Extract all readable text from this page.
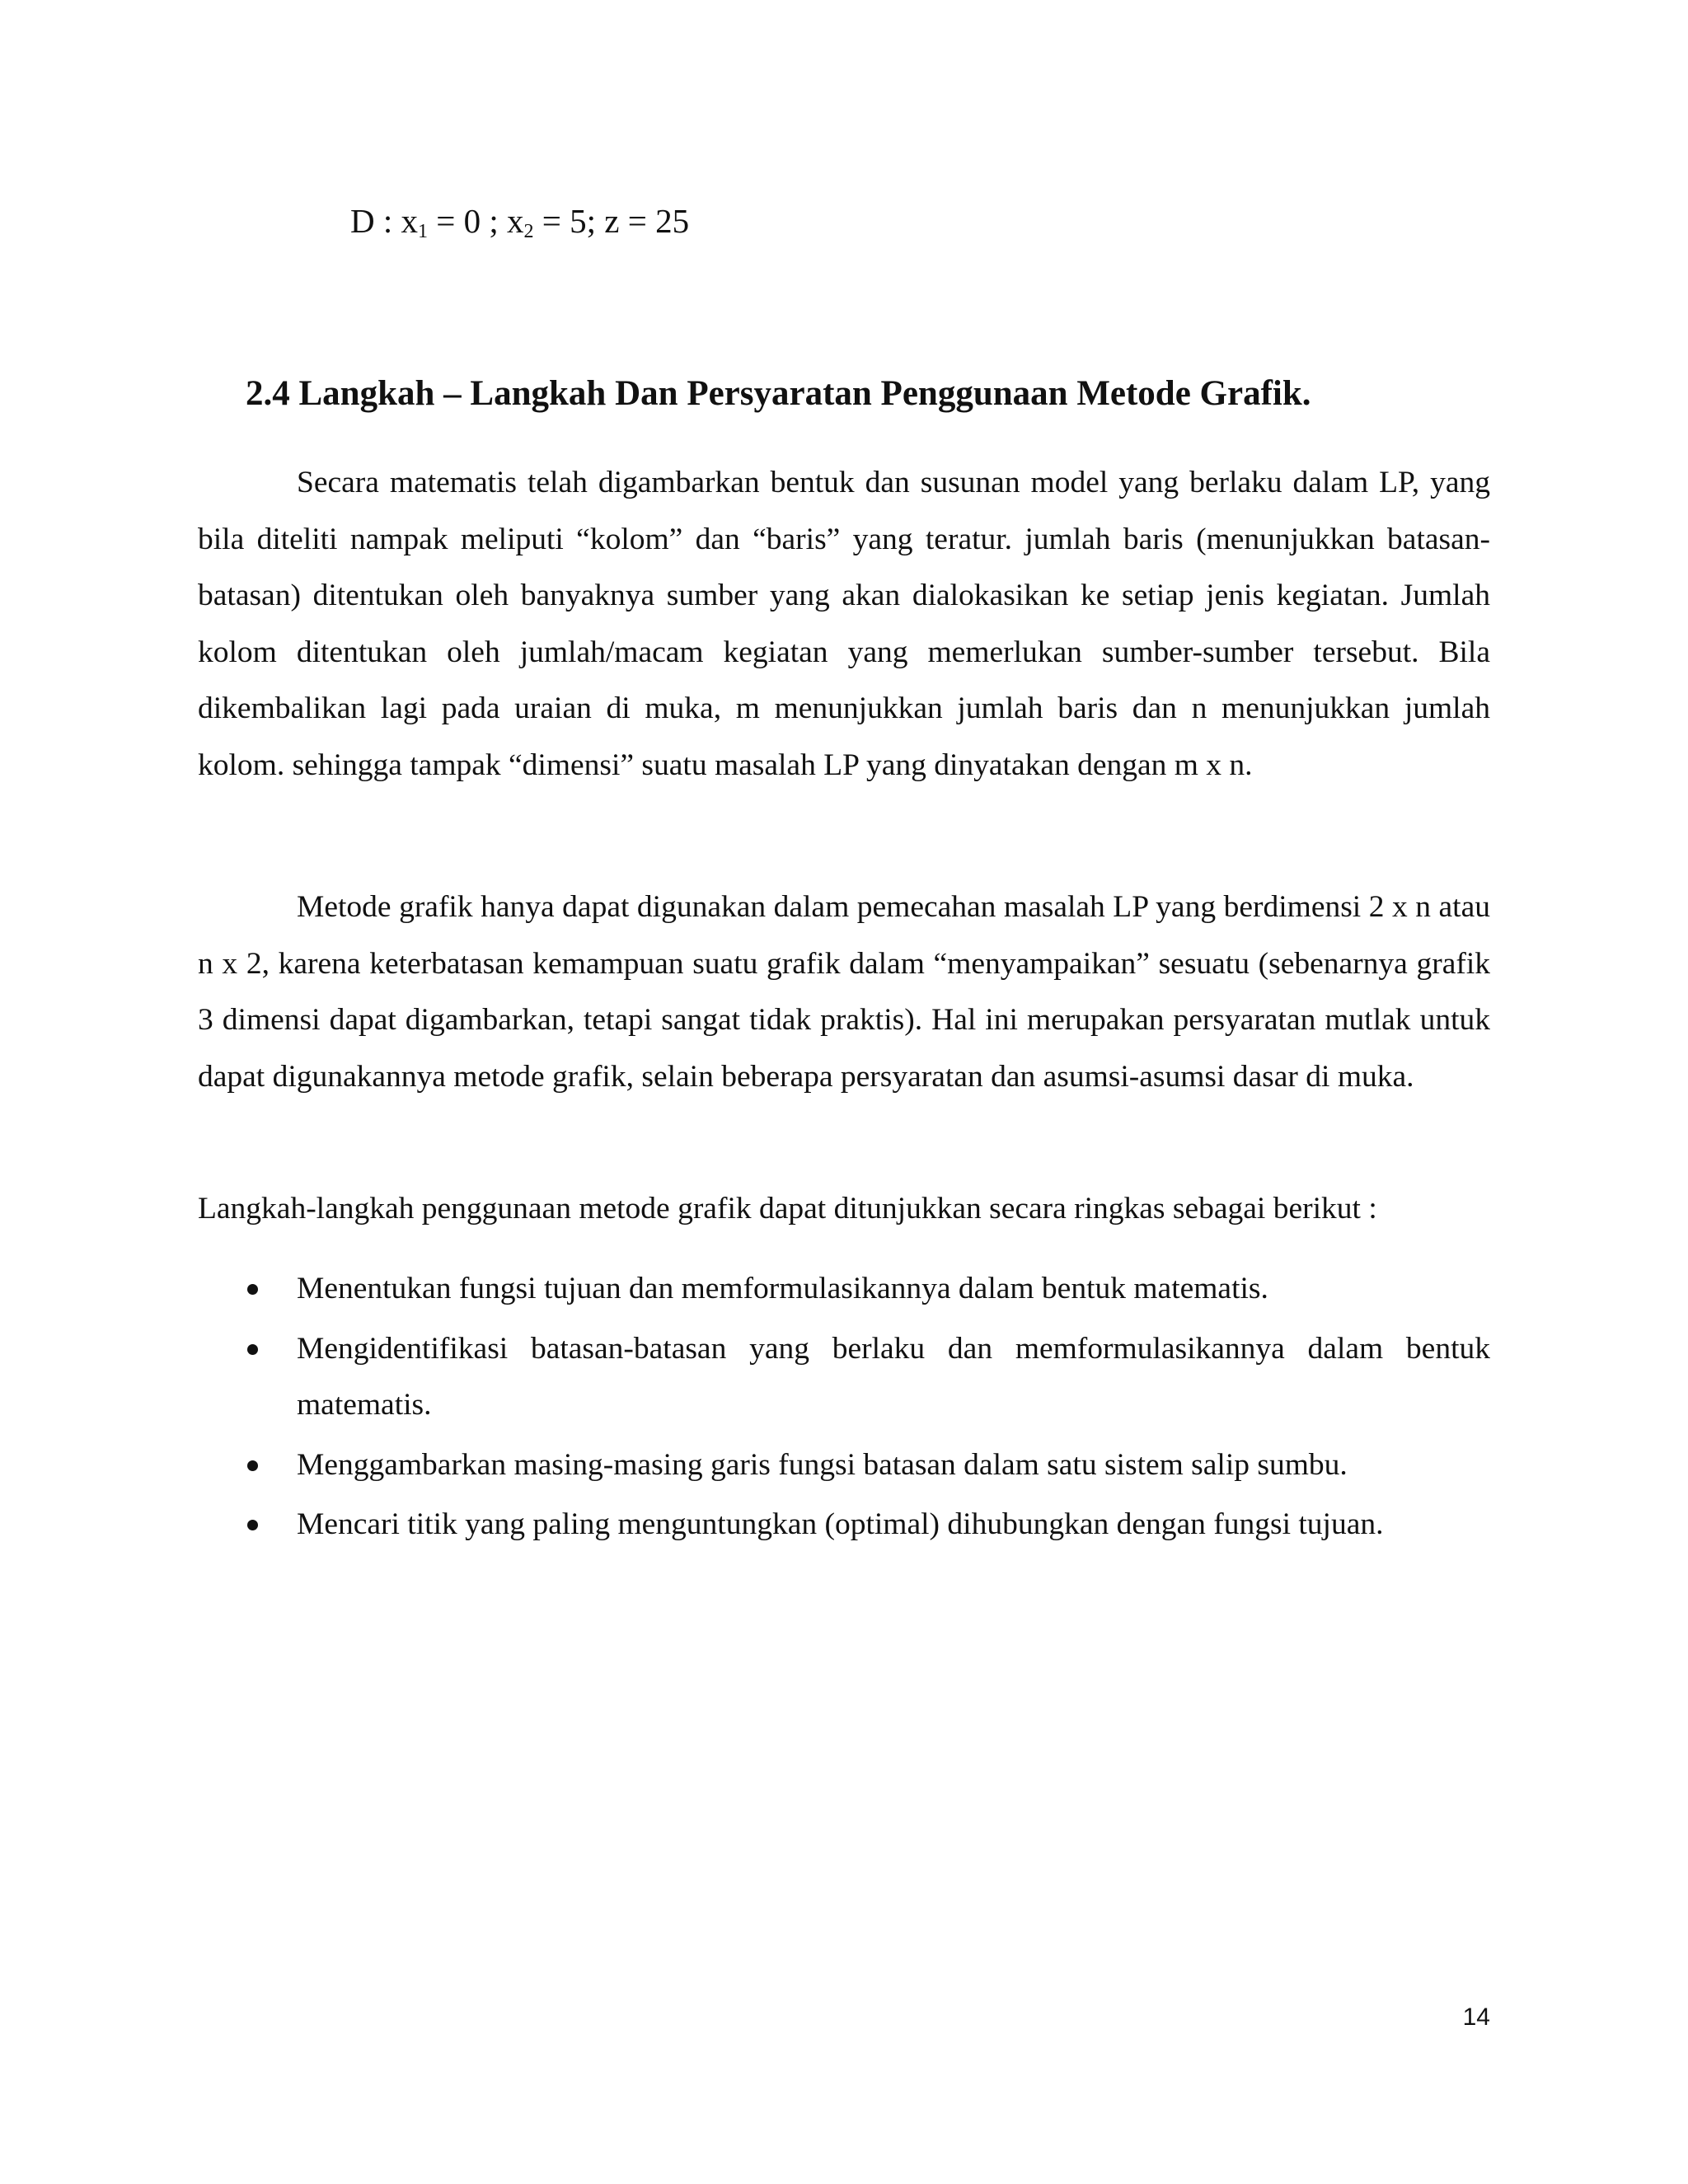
D : $x_1 = 0$ ; $x_2 = 5$; z = 25
2.4 Langkah – Langkah Dan Persyaratan Penggunaan Metode Grafik.

Secara matematis telah digambarkan bentuk dan susunan model yang berlaku dalam LP, yang bila diteliti nampak meliputi “kolom” dan “baris” yang teratur. jumlah baris (menunjukkan batasan-batasan) ditentukan oleh banyaknya sumber yang akan dialokasikan ke setiap jenis kegiatan. Jumlah kolom ditentukan oleh jumlah/macam kegiatan yang memerlukan sumber-sumber tersebut. Bila dikembalikan lagi pada uraian di muka, m menunjukkan jumlah baris dan n menunjukkan jumlah kolom. sehingga tampak “dimensi” suatu masalah LP yang dinyatakan dengan m x n.

Metode grafik hanya dapat digunakan dalam pemecahan masalah LP yang berdimensi 2 x n atau n x 2, karena keterbatasan kemampuan suatu grafik dalam “menyampaikan” sesuatu (sebenarnya grafik 3 dimensi dapat digambarkan, tetapi sangat tidak praktis). Hal ini merupakan persyaratan mutlak untuk dapat digunakannya metode grafik, selain beberapa persyaratan dan asumsi-asumsi dasar di muka.

Langkah-langkah penggunaan metode grafik dapat ditunjukkan secara ringkas sebagai berikut :

Menentukan fungsi tujuan dan memformulasikannya dalam bentuk matematis.
Mengidentifikasi batasan-batasan yang berlaku dan memformulasikannya dalam bentuk matematis.
Menggambarkan masing-masing garis fungsi batasan dalam satu sistem salip sumbu.
Mencari titik yang paling menguntungkan (optimal) dihubungkan dengan fungsi tujuan.
14
